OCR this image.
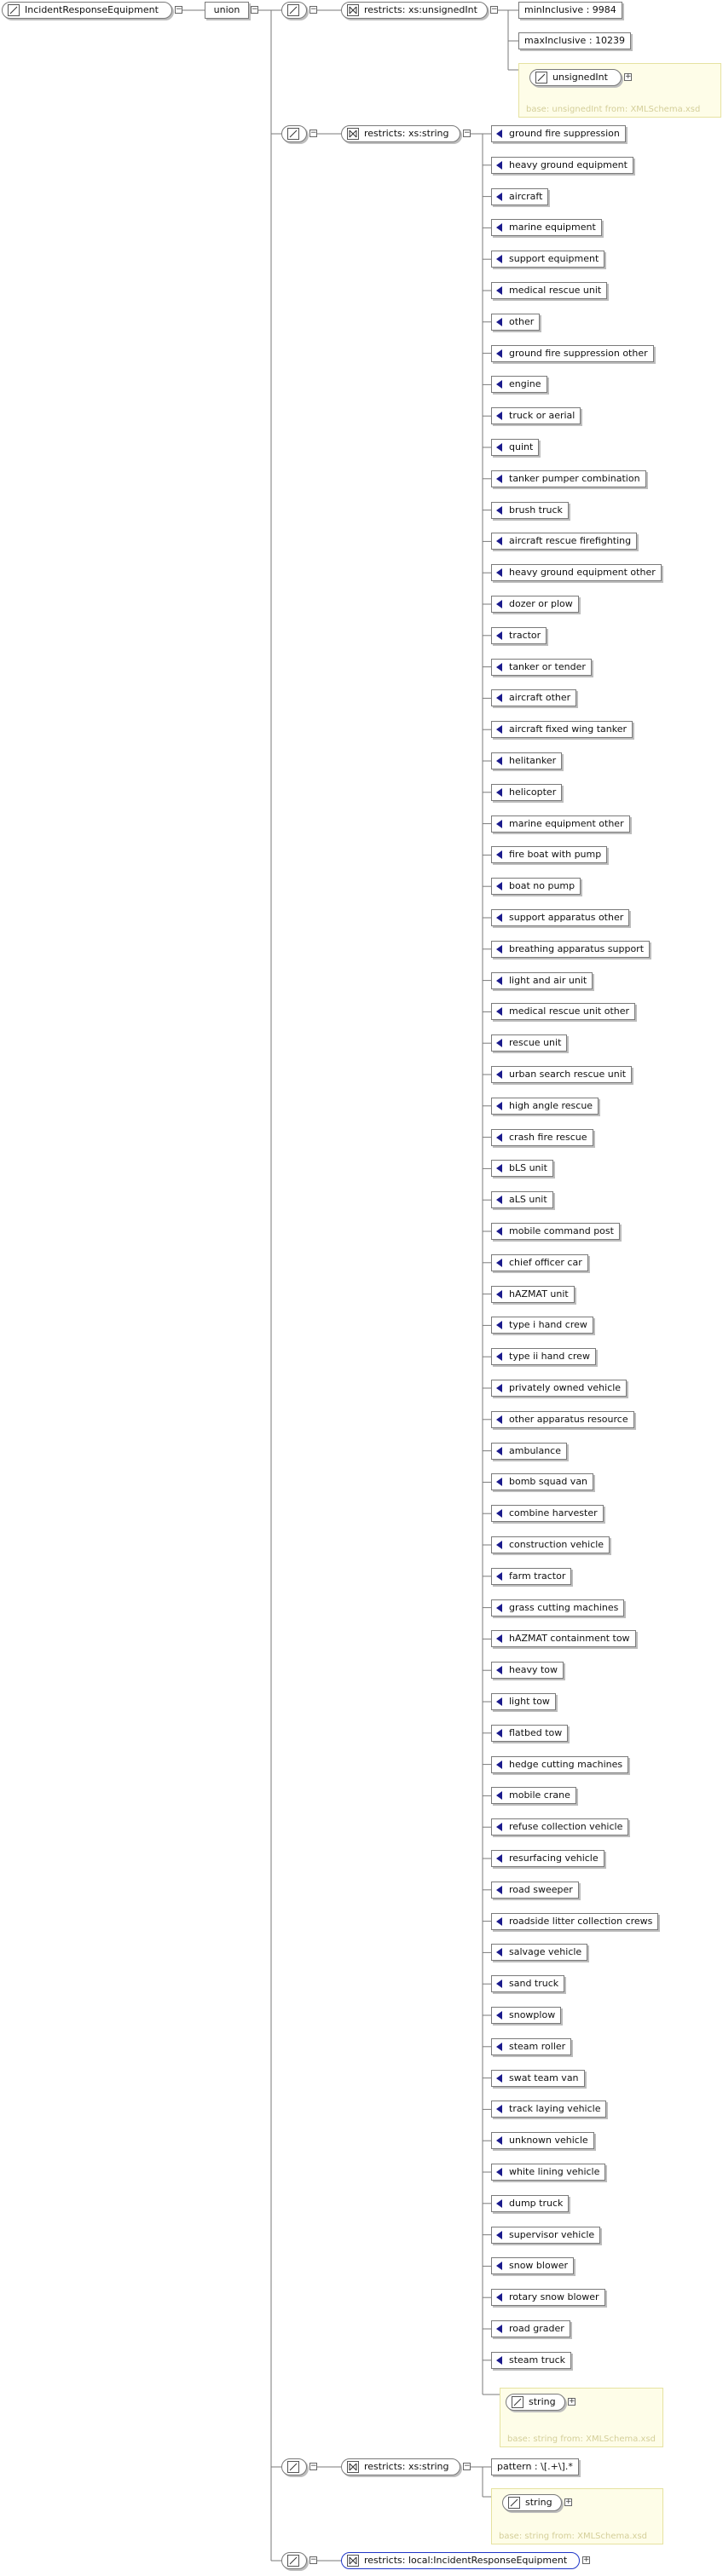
IncidentResponseEquipment	−	union	−	−	restricts: xs:unsignedInt	−	minInclusive : 9984
maxInclusive : 10239
unsignedInt	+
base: unsignedInt from: XMLSchema.xsd
−	restricts: xs:string	−	ground fire suppression
heavy ground equipment
aircraft
marine equipment
support equipment
medical rescue unit
other
ground fire suppression other
engine
truck or aerial
quint
tanker pumper combination
brush truck
aircraft rescue firefighting
heavy ground equipment other
dozer or plow
tractor
tanker or tender
aircraft other
aircraft fixed wing tanker
helitanker
helicopter
marine equipment other
fire boat with pump
boat no pump
support apparatus other
breathing apparatus support
light and air unit
medical rescue unit other
rescue unit
urban search rescue unit
high angle rescue
crash fire rescue
bLS unit
aLS unit
mobile command post
chief officer car
hAZMAT unit
type i hand crew
type ii hand crew
privately owned vehicle
other apparatus resource
ambulance
bomb squad van
combine harvester
construction vehicle
farm tractor
grass cutting machines
hAZMAT containment tow
heavy tow
light tow
flatbed tow
hedge cutting machines
mobile crane
refuse collection vehicle
resurfacing vehicle
road sweeper
roadside litter collection crews
salvage vehicle
sand truck
snowplow
steam roller
swat team van
track laying vehicle
unknown vehicle
white lining vehicle
dump truck
supervisor vehicle
snow blower
rotary snow blower
road grader
steam truck
string	+
base: string from: XMLSchema.xsd
−	restricts: xs:string	−	pattern : \[.+\].*
string	+
base: string from: XMLSchema.xsd
−	restricts: local:IncidentResponseEquipment	+
